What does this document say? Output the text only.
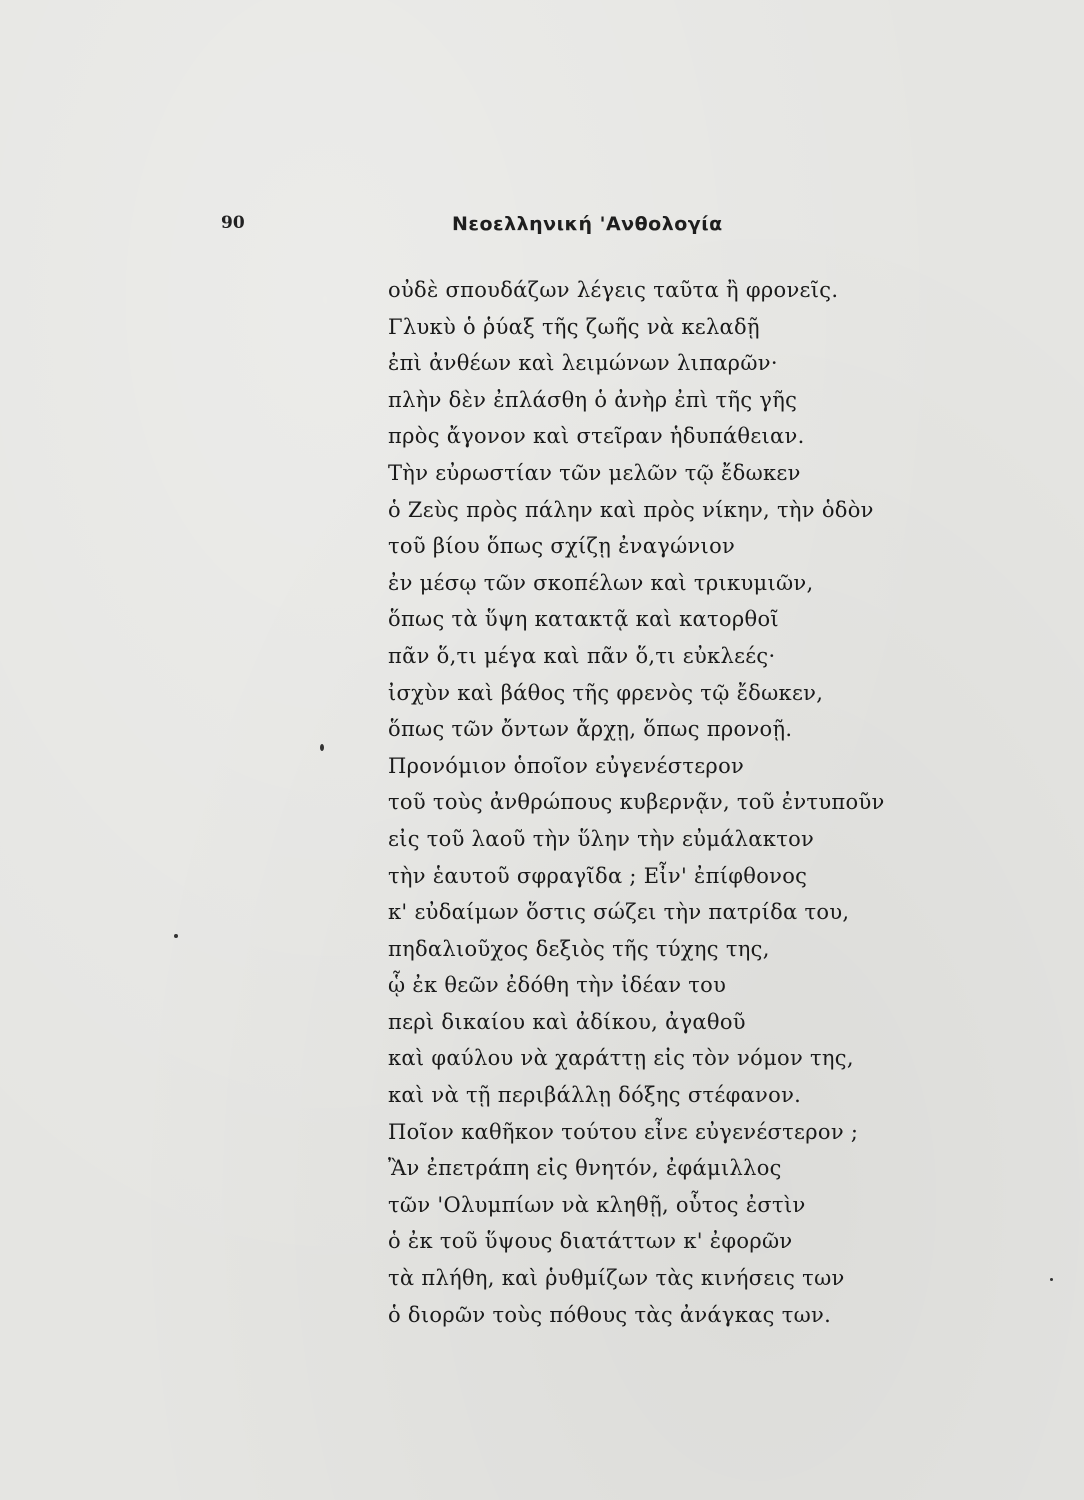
90	Νεοελληνική 'Ανθολογία
οὐδὲ σπουδάζων λέγεις ταῦτα ἢ φρονεῖς.
Γλυκὺ ὁ ῥύαξ τῆς ζωῆς νὰ κελαδῇ
ἐπὶ ἀνθέων καὶ λειμώνων λιπαρῶν·
πλὴν δὲν ἐπλάσθη ὁ ἀνὴρ ἐπὶ τῆς γῆς
πρὸς ἄγονον καὶ στεῖραν ἡδυπάθειαν.
Τὴν εὐρωστίαν τῶν μελῶν τῷ ἔδωκεν
ὁ Ζεὺς πρὸς πάλην καὶ πρὸς νίκην, τὴν ὁδὸν
τοῦ βίου ὅπως σχίζῃ ἐναγώνιον
ἐν μέσῳ τῶν σκοπέλων καὶ τρικυμιῶν,
ὅπως τὰ ὕψη κατακτᾷ καὶ κατορθοῖ
πᾶν ὅ,τι μέγα καὶ πᾶν ὅ,τι εὐκλεές·
ἰσχὺν καὶ βάθος τῆς φρενὸς τῷ ἔδωκεν,
ὅπως τῶν ὄντων ἄρχῃ, ὅπως προνοῇ.
Προνόμιον ὁποῖον εὐγενέστερον
τοῦ τοὺς ἀνθρώπους κυβερνᾷν, τοῦ ἐντυποῦν
εἰς τοῦ λαοῦ τὴν ὕλην τὴν εὐμάλακτον
τὴν ἑαυτοῦ σφραγῖδα ; Εἶν' ἐπίφθονος
κ' εὐδαίμων ὅστις σώζει τὴν πατρίδα του,
πηδαλιοῦχος δεξιὸς τῆς τύχης της,
ᾧ ἐκ θεῶν ἐδόθη τὴν ἰδέαν του
περὶ δικαίου καὶ ἀδίκου, ἀγαθοῦ
καὶ φαύλου νὰ χαράττῃ εἰς τὸν νόμον της,
καὶ νὰ τῇ περιβάλλῃ δόξης στέφανον.
Ποῖον καθῆκον τούτου εἶνε εὐγενέστερον ;
Ἂν ἐπετράπη εἰς θνητόν, ἐφάμιλλος
τῶν 'Ολυμπίων νὰ κληθῇ, οὗτος ἐστὶν
ὁ ἐκ τοῦ ὕψους διατάττων κ' ἐφορῶν
τὰ πλήθη, καὶ ῥυθμίζων τὰς κινήσεις των
ὁ διορῶν τοὺς πόθους τὰς ἀνάγκας των.
